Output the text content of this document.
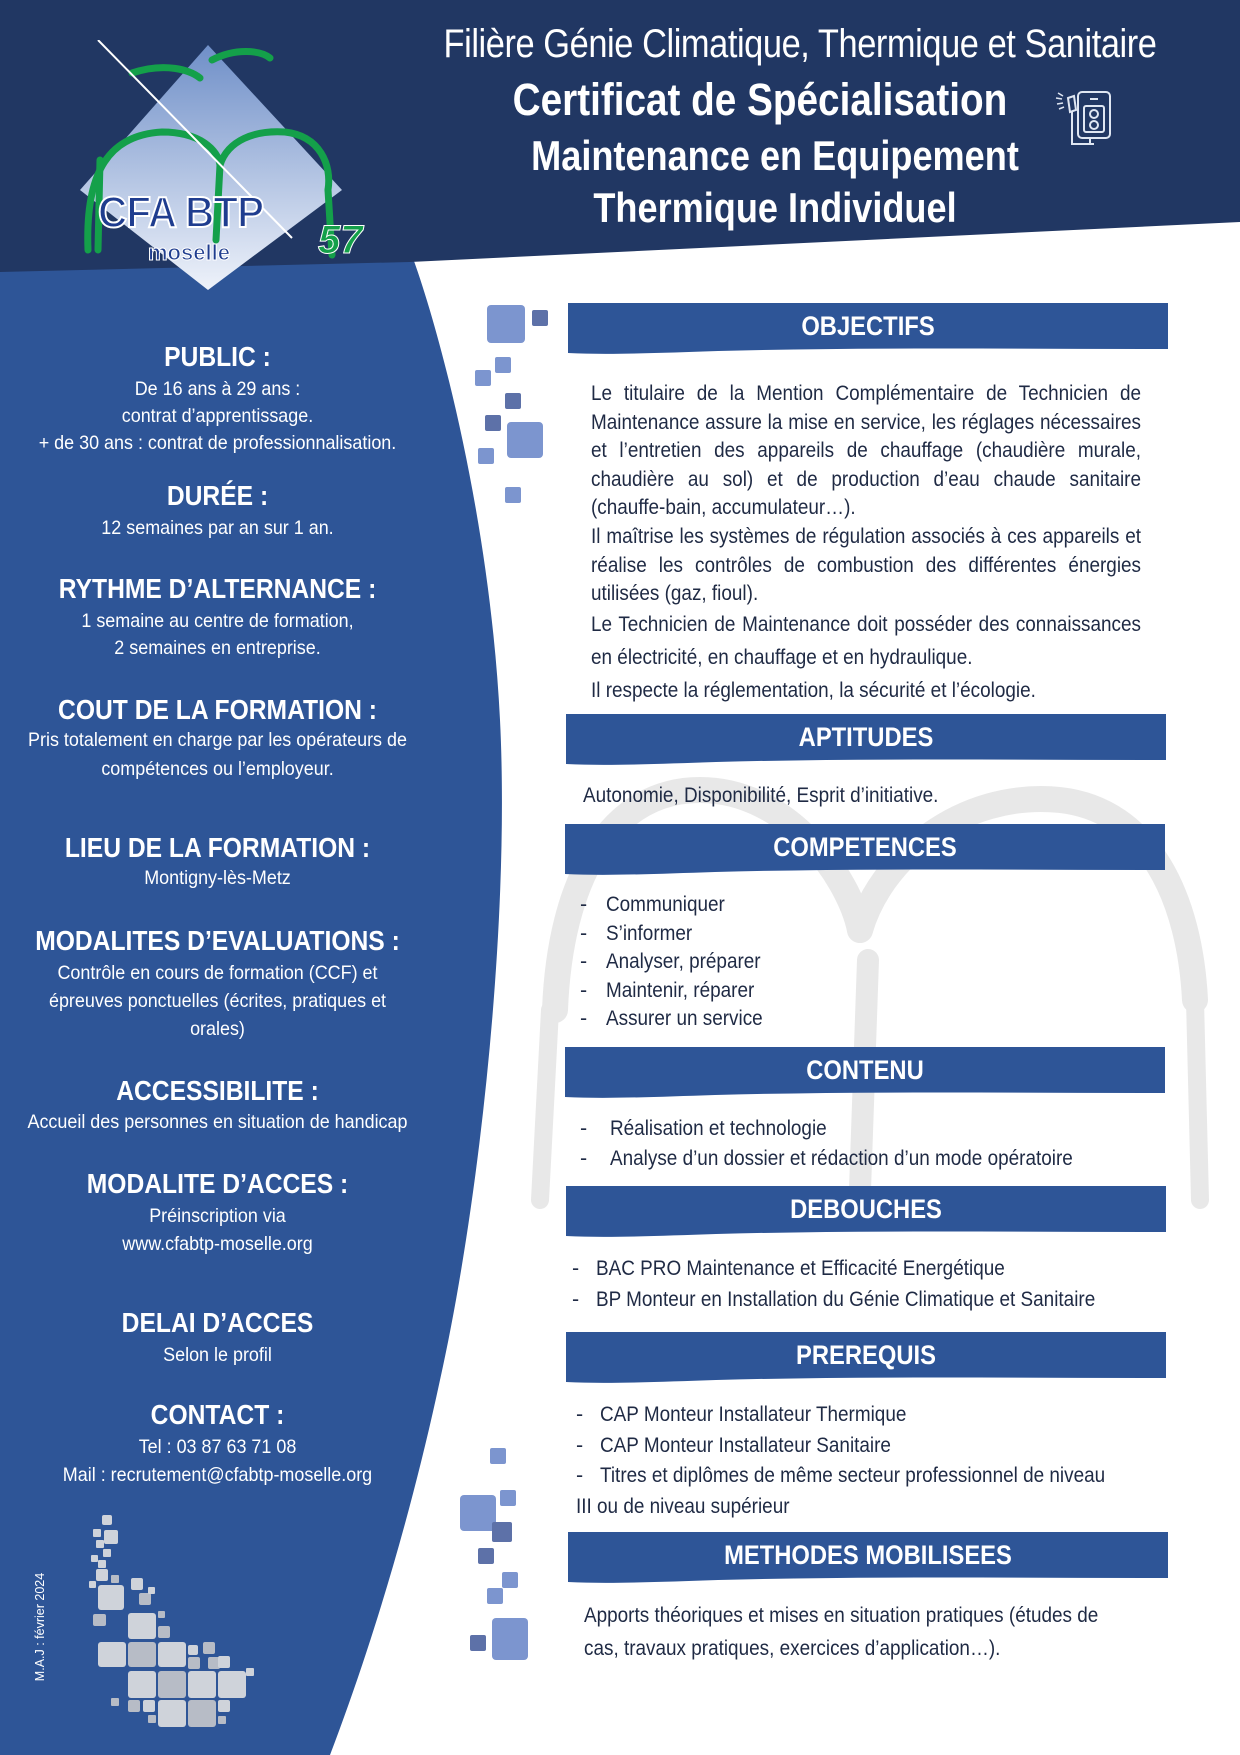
CFA BTP
moselle 57
Filière Génie Climatique, Thermique et Sanitaire
Certificat de Spécialisation
Maintenance en Equipement
Thermique Individuel
PUBLIC :

De 16 ans à 29 ans :

contrat d’apprentissage.

+ de 30 ans : contrat de professionnalisation.

DURÉE :

12 semaines par an sur 1 an.

RYTHME D’ALTERNANCE :

1 semaine au centre de formation,

2 semaines en entreprise.

COUT DE LA FORMATION :

Pris totalement en charge par les opérateurs de

compétences ou l’employeur.

LIEU DE LA FORMATION :

Montigny-lès-Metz

MODALITES D’EVALUATIONS :

Contrôle en cours de formation (CCF) et

épreuves ponctuelles (écrites, pratiques et

orales)

ACCESSIBILITE :

Accueil des personnes en situation de handicap

MODALITE D’ACCES :

Préinscription via

www.cfabtp-moselle.org

DELAI D’ACCES

Selon le profil

CONTACT :

Tel : 03 87 63 71 08

Mail : recrutement@cfabtp-moselle.org

M.A.J : février 2024
OBJECTIFS
Le titulaire de la Mention Complémentaire de Technicien de Maintenance assure la mise en service, les réglages nécessaires et l’entretien des appareils de chauffage (chaudière murale, chaudière au sol) et de production d’eau chaude sanitaire (chauffe-bain, accumulateur…).
Il maîtrise les systèmes de régulation associés à ces appareils et réalise les contrôles de combustion des différentes énergies utilisées (gaz, fioul).
Le Technicien de Maintenance doit posséder des connaissances en électricité, en chauffage et en hydraulique.
Il respecte la réglementation, la sécurité et l’écologie.
APTITUDES
Autonomie, Disponibilité, Esprit d’initiative.
COMPETENCES
- Communiquer
- S’informer
- Analyser, préparer
- Maintenir, réparer
- Assurer un service
CONTENU
- Réalisation et technologie
- Analyse d’un dossier et rédaction d’un mode opératoire
DEBOUCHES
- BAC PRO Maintenance et Efficacité Energétique
- BP Monteur en Installation du Génie Climatique et Sanitaire
PREREQUIS
- CAP Monteur Installateur Thermique
- CAP Monteur Installateur Sanitaire
- Titres et diplômes de même secteur professionnel de niveau
III ou de niveau supérieur
METHODES MOBILISEES
Apports théoriques et mises en situation pratiques (études de
cas, travaux pratiques, exercices d’application…).
